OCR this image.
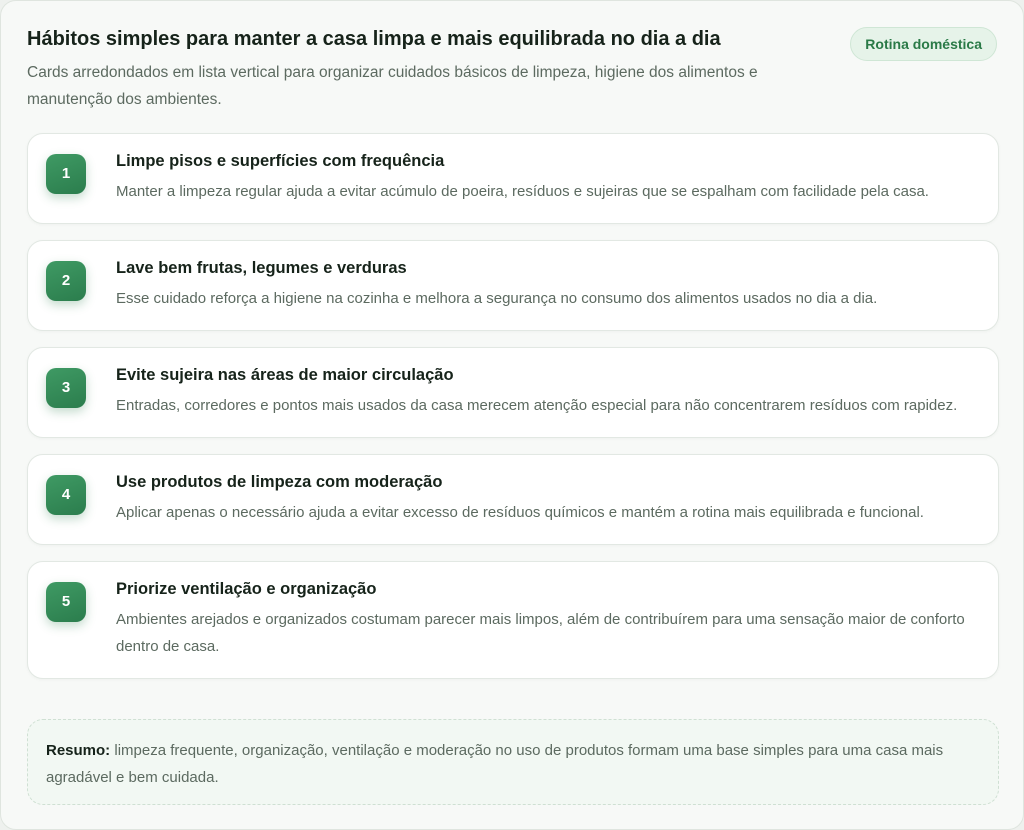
Hábitos simples para manter a casa limpa e mais equilibrada no dia a dia
Cards arredondados em lista vertical para organizar cuidados básicos de limpeza, higiene dos alimentos e manutenção dos ambientes.
Rotina doméstica
1
Limpe pisos e superfícies com frequência
Manter a limpeza regular ajuda a evitar acúmulo de poeira, resíduos e sujeiras que se espalham com facilidade pela casa.
2
Lave bem frutas, legumes e verduras
Esse cuidado reforça a higiene na cozinha e melhora a segurança no consumo dos alimentos usados no dia a dia.
3
Evite sujeira nas áreas de maior circulação
Entradas, corredores e pontos mais usados da casa merecem atenção especial para não concentrarem resíduos com rapidez.
4
Use produtos de limpeza com moderação
Aplicar apenas o necessário ajuda a evitar excesso de resíduos químicos e mantém a rotina mais equilibrada e funcional.
5
Priorize ventilação e organização
Ambientes arejados e organizados costumam parecer mais limpos, além de contribuírem para uma sensação maior de conforto dentro de casa.
Resumo: limpeza frequente, organização, ventilação e moderação no uso de produtos formam uma base simples para uma casa mais agradável e bem cuidada.
